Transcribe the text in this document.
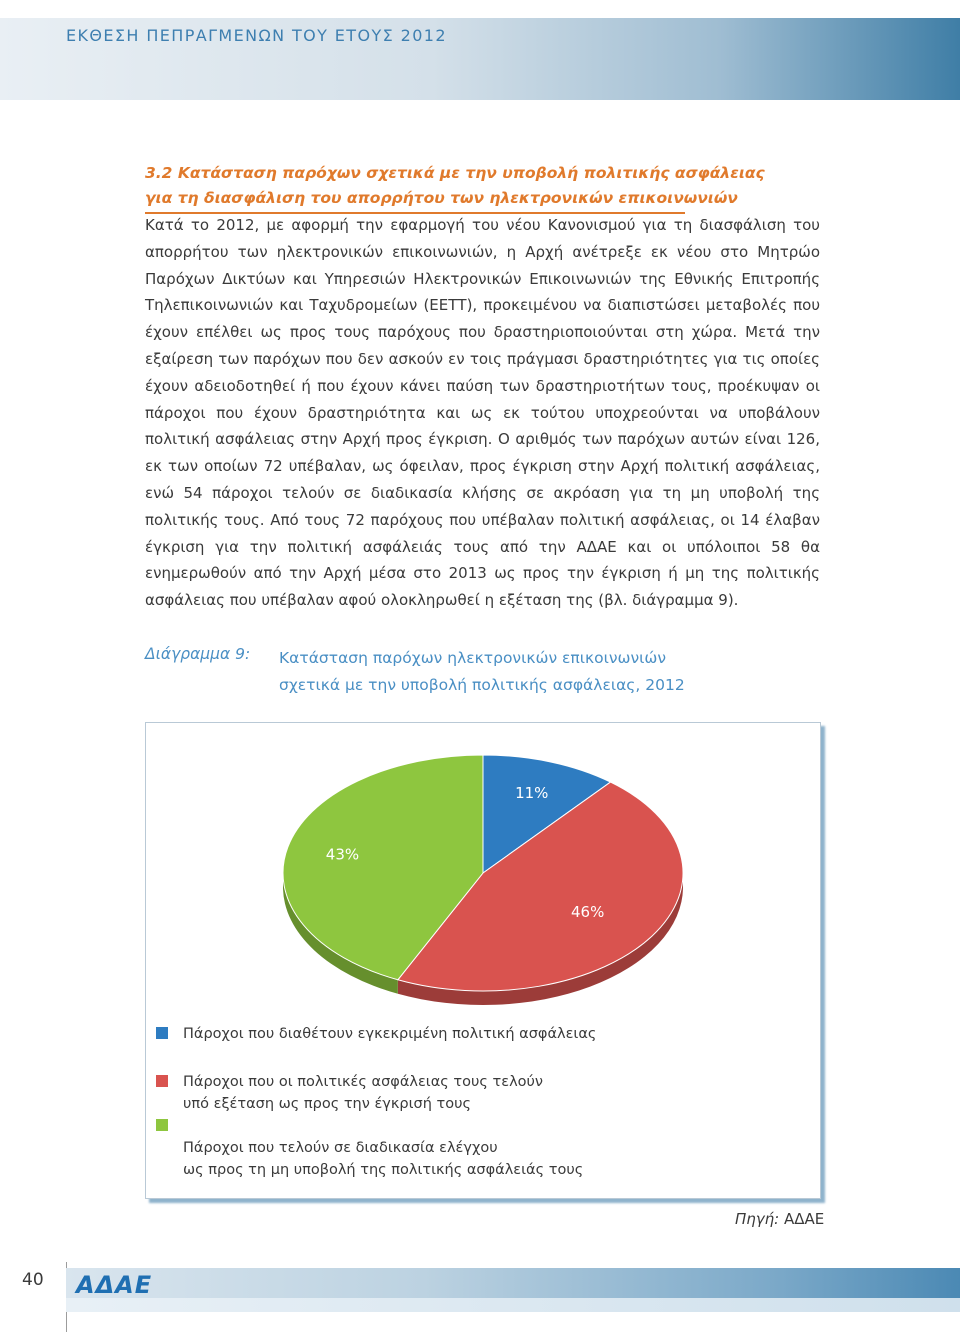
ΕΚΘΕΣΗ ΠΕΠΡΑΓΜΕΝΩΝ ΤΟΥ ΕΤΟΥΣ 2012
3.2 Κατάσταση παρόχων σχετικά με την υποβολή πολιτικής ασφάλειας
για τη διασφάλιση του απορρήτου των ηλεκτρονικών επικοινωνιών
Κατά το 2012, με αφορμή την εφαρμογή του νέου Κανονισμού για τη διασφάλιση του απορρήτου των ηλεκτρονικών επικοινωνιών, η Αρχή ανέτρεξε εκ νέου στο Μητρώο Παρόχων Δικτύων και Υπηρεσιών Ηλεκτρονικών Επικοινωνιών της Εθνικής Επιτροπής Τηλεπικοινωνιών και Ταχυδρομείων (ΕΕΤΤ), προκειμένου να διαπιστώσει μεταβολές που έχουν επέλθει ως προς τους παρόχους που δραστηριοποιούνται στη χώρα. Μετά την εξαίρεση των παρόχων που δεν ασκούν εν τοις πράγμασι δραστηριότητες για τις οποίες έχουν αδειοδοτηθεί ή που έχουν κάνει παύση των δραστηριοτήτων τους, προέκυψαν οι πάροχοι που έχουν δραστηριότητα και ως εκ τούτου υποχρεούνται να υποβάλουν πολιτική ασφάλειας στην Αρχή προς έγκριση. Ο αριθμός των παρόχων αυτών είναι 126, εκ των οποίων 72 υπέβαλαν, ως όφειλαν, προς έγκριση στην Αρχή πολιτική ασφάλειας, ενώ 54 πάροχοι τελούν σε διαδικασία κλήσης σε ακρόαση για τη μη υποβολή της πολιτικής τους. Από τους 72 παρόχους που υπέβαλαν πολιτική ασφάλειας, οι 14 έλαβαν έγκριση για την πολιτική ασφάλειάς τους από την ΑΔΑΕ και οι υπόλοιποι 58 θα ενημερωθούν από την Αρχή μέσα στο 2013 ως προς την έγκριση ή μη της πολιτικής ασφάλειας που υπέβαλαν αφού ολοκληρωθεί η εξέταση της (βλ. διάγραμμα 9).
Διάγραμμα 9: Κατάσταση παρόχων ηλεκτρονικών επικοινωνιών
σχετικά με την υποβολή πολιτικής ασφάλειας, 2012
11%
46%
43%
Πάροχοι που διαθέτουν εγκεκριμένη πολιτική ασφάλειας
Πάροχοι που οι πολιτικές ασφάλειας τους τελούν
υπό εξέταση ως προς την έγκρισή τους
Πάροχοι που τελούν σε διαδικασία ελέγχου
ως προς τη μη υποβολή της πολιτικής ασφάλειάς τους
Πηγή: ΑΔΑΕ
40 ΑΔΑΕ
